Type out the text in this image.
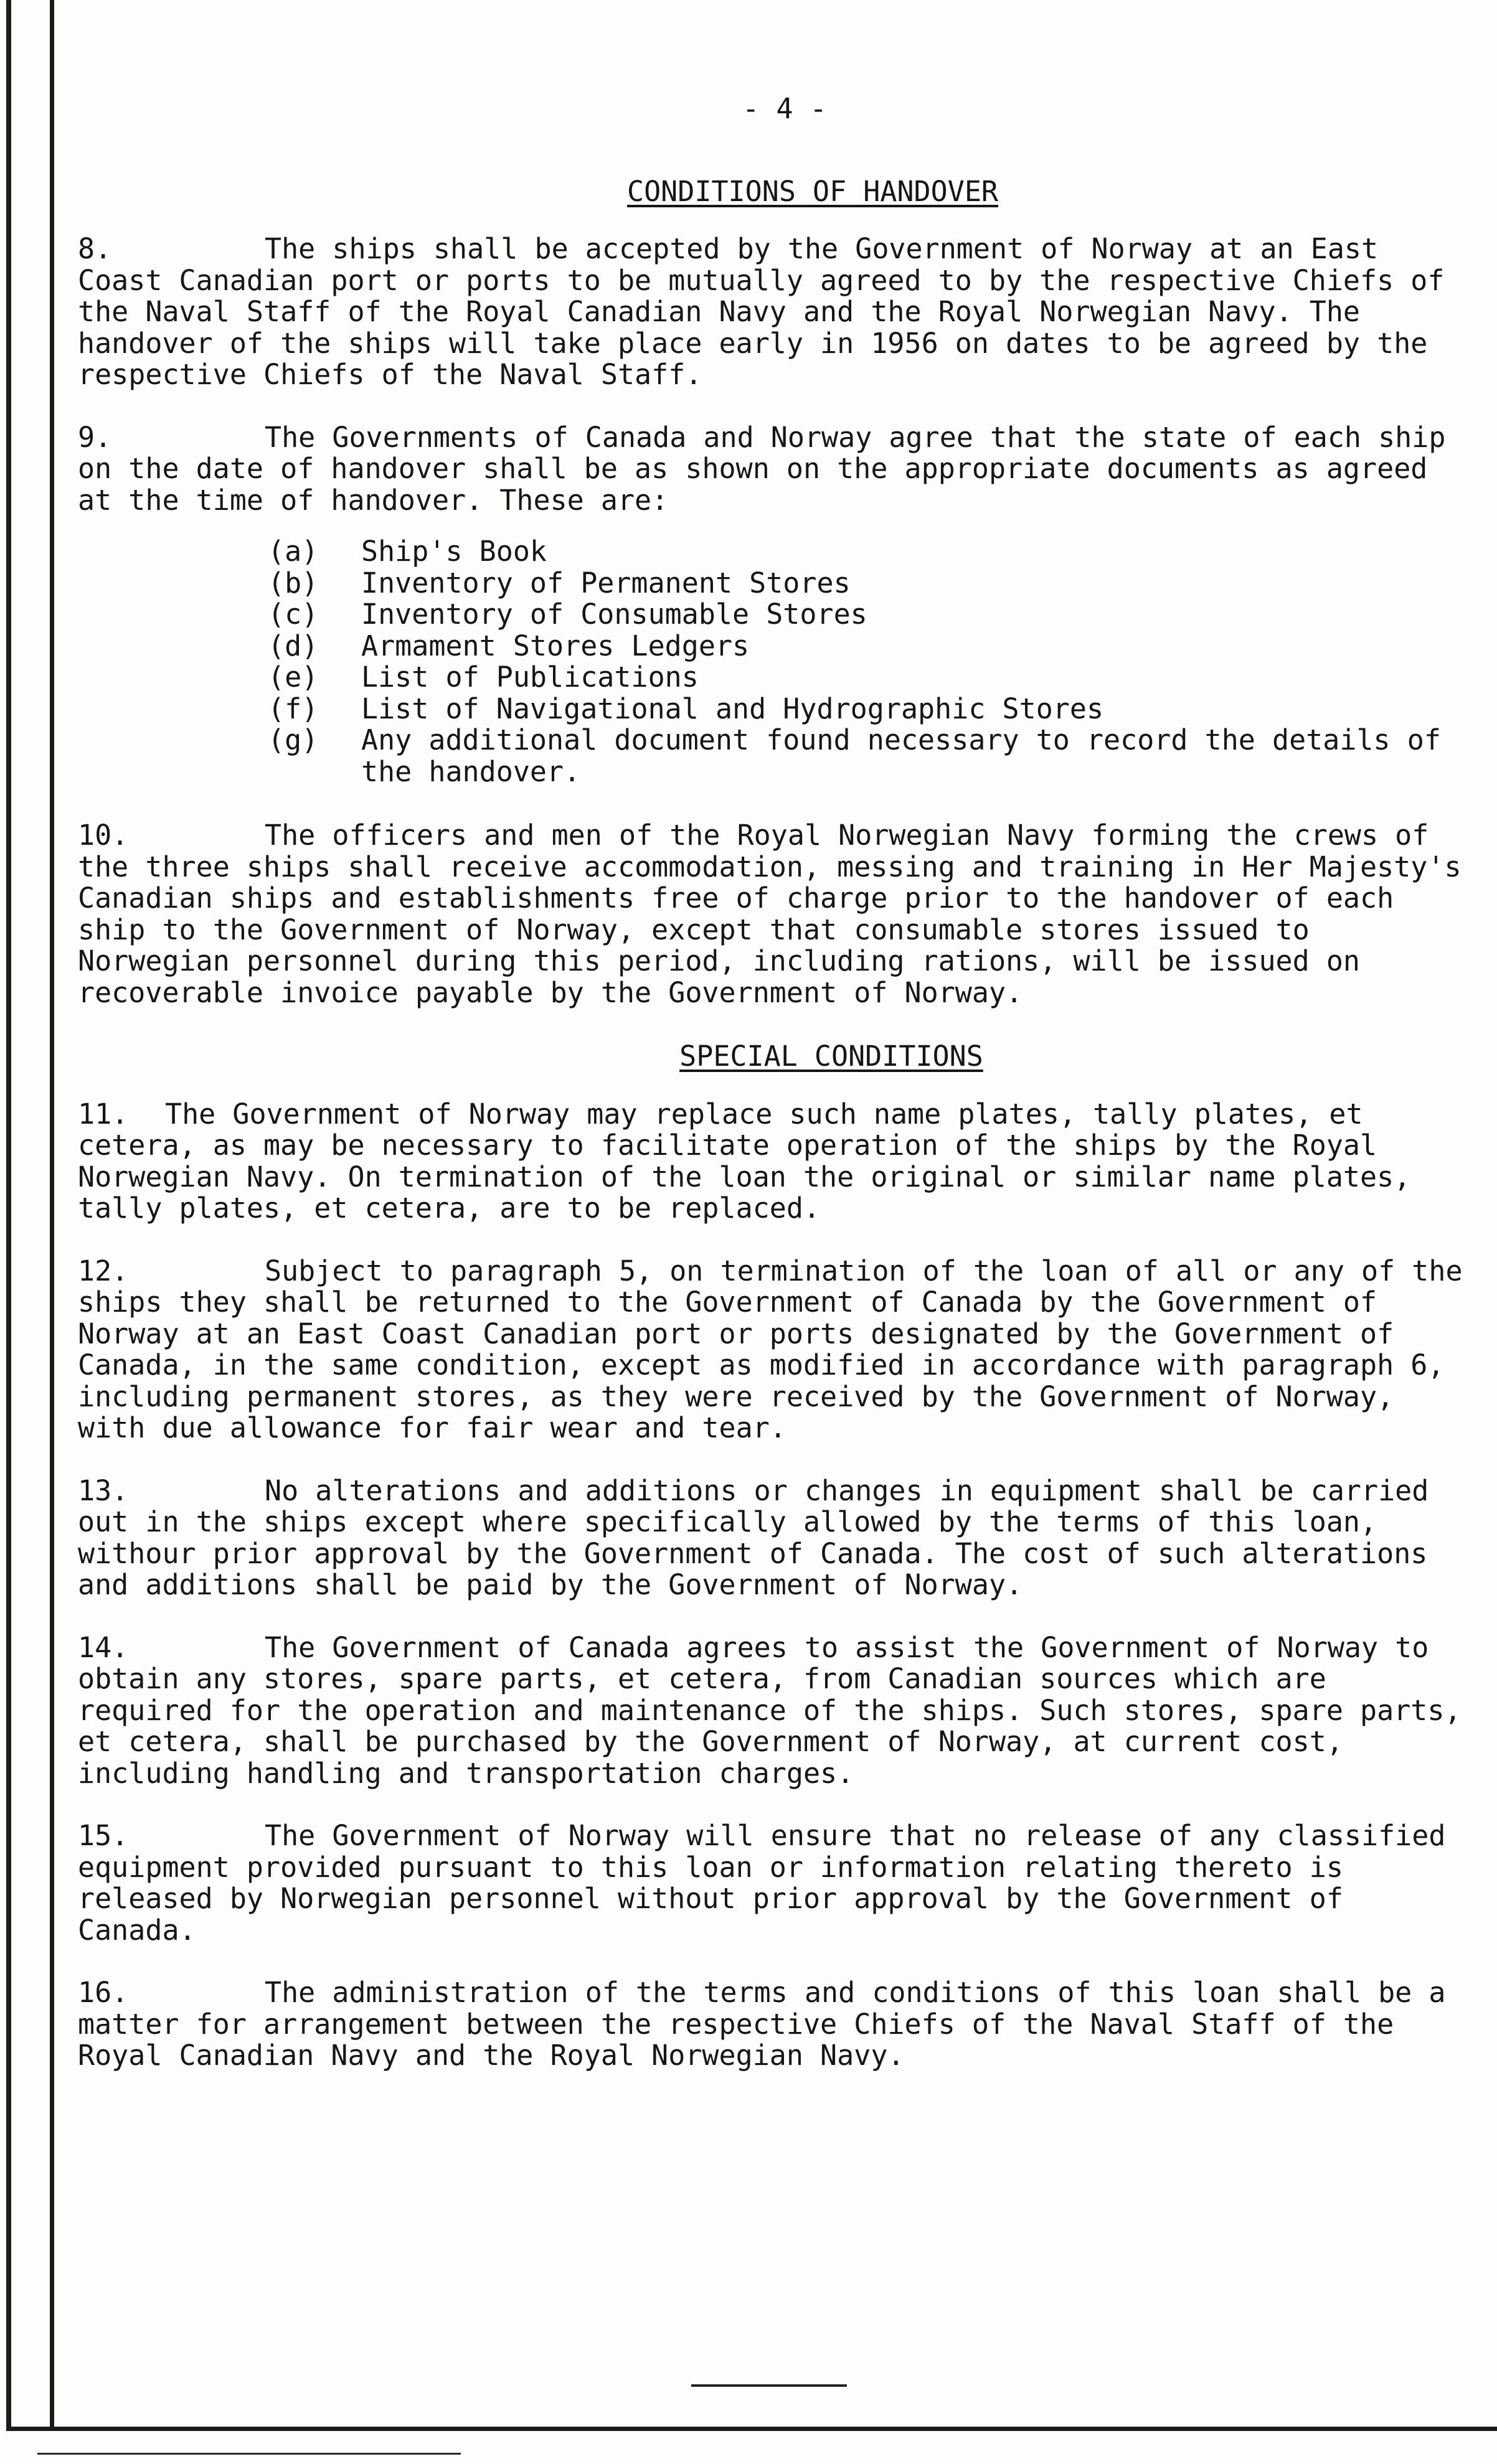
- 4 -
CONDITIONS OF HANDOVER
8.	The ships shall be accepted by the Government of Norway at an East Coast Canadian port or ports to be mutually agreed to by the respective Chiefs of the Naval Staff of the Royal Canadian Navy and the Royal Norwegian Navy. The handover of the ships will take place early in 1956 on dates to be agreed by the respective Chiefs of the Naval Staff.

9.	The Governments of Canada and Norway agree that the state of each ship on the date of handover shall be as shown on the appropriate documents as agreed at the time of handover. These are:

(a)	Ship's Book
(b)	Inventory of Permanent Stores
(c)	Inventory of Consumable Stores
(d)	Armament Stores Ledgers
(e)	List of Publications
(f)	List of Navigational and Hydrographic Stores
(g)	Any additional document found necessary to record the details of the handover.
10.	The officers and men of the Royal Norwegian Navy forming the crews of the three ships shall receive accommodation, messing and training in Her Majesty's Canadian ships and establishments free of charge prior to the handover of each ship to the Government of Norway, except that consumable stores issued to Norwegian personnel during this period, including rations, will be issued on recoverable invoice payable by the Government of Norway.

SPECIAL CONDITIONS
11.	The Government of Norway may replace such name plates, tally plates, et cetera, as may be necessary to facilitate operation of the ships by the Royal Norwegian Navy. On termination of the loan the original or similar name plates, tally plates, et cetera, are to be replaced.

12.	Subject to paragraph 5, on termination of the loan of all or any of the ships they shall be returned to the Government of Canada by the Government of Norway at an East Coast Canadian port or ports designated by the Government of Canada, in the same condition, except as modified in accordance with paragraph 6, including permanent stores, as they were received by the Government of Norway, with due allowance for fair wear and tear.

13.	No alterations and additions or changes in equipment shall be carried out in the ships except where specifically allowed by the terms of this loan, withour prior approval by the Government of Canada. The cost of such alterations and additions shall be paid by the Government of Norway.

14.	The Government of Canada agrees to assist the Government of Norway to obtain any stores, spare parts, et cetera, from Canadian sources which are required for the operation and maintenance of the ships. Such stores, spare parts, et cetera, shall be purchased by the Government of Norway, at current cost, including handling and transportation charges.

15.	The Government of Norway will ensure that no release of any classified equipment provided pursuant to this loan or information relating thereto is released by Norwegian personnel without prior approval by the Government of Canada.

16.	The administration of the terms and conditions of this loan shall be a matter for arrangement between the respective Chiefs of the Naval Staff of the Royal Canadian Navy and the Royal Norwegian Navy.
